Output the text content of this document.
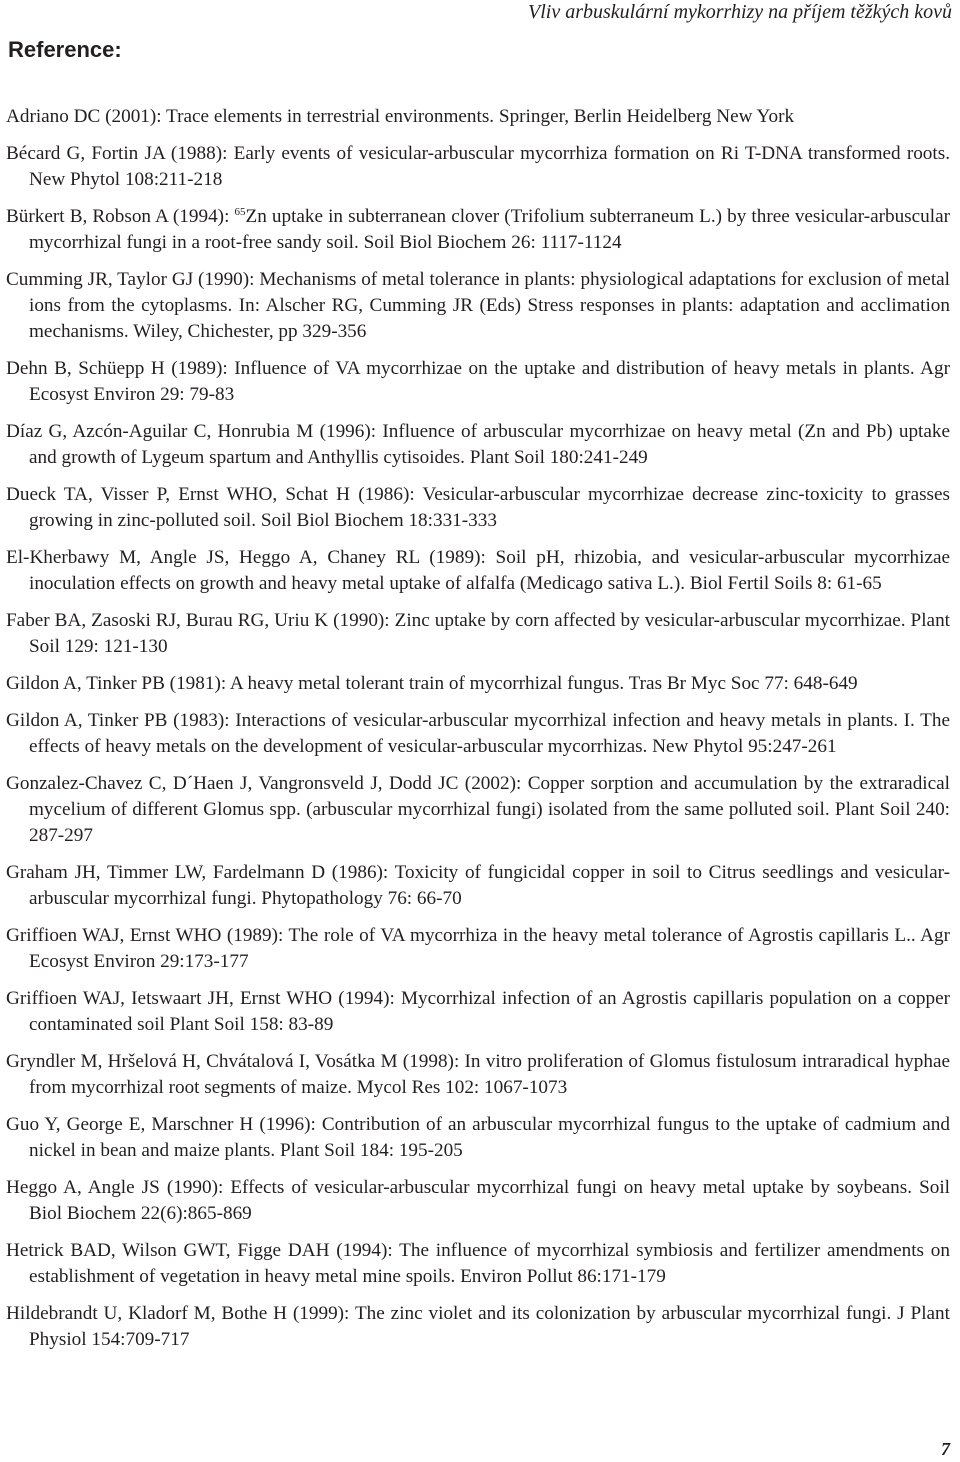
Vliv arbuskulární mykorrhizy na příjem těžkých kovů
Reference:

Adriano DC (2001): Trace elements in terrestrial environments. Springer, Berlin Heidelberg New York

Bécard G, Fortin JA (1988): Early events of vesicular-arbuscular mycorrhiza formation on Ri T-DNA transformed roots. New Phytol 108:211-218

Bürkert B, Robson A (1994): $^{65}$Zn uptake in subterranean clover (Trifolium subterraneum L.) by three vesicular-arbuscular mycorrhizal fungi in a root-free sandy soil. Soil Biol Biochem 26: 1117-1124

Cumming JR, Taylor GJ (1990): Mechanisms of metal tolerance in plants: physiological adaptations for exclusion of metal ions from the cytoplasms. In: Alscher RG, Cumming JR (Eds) Stress responses in plants: adaptation and acclimation mechanisms. Wiley, Chichester, pp 329-356

Dehn B, Schüepp H (1989): Influence of VA mycorrhizae on the uptake and distribution of heavy metals in plants. Agr Ecosyst Environ 29: 79-83

Díaz G, Azcón-Aguilar C, Honrubia M (1996): Influence of arbuscular mycorrhizae on heavy metal (Zn and Pb) uptake and growth of Lygeum spartum and Anthyllis cytisoides. Plant Soil 180:241-249

Dueck TA, Visser P, Ernst WHO, Schat H (1986): Vesicular-arbuscular mycorrhizae decrease zinc-toxicity to grasses growing in zinc-polluted soil. Soil Biol Biochem 18:331-333

El-Kherbawy M, Angle JS, Heggo A, Chaney RL (1989): Soil pH, rhizobia, and vesicular-arbuscular mycorrhizae inoculation effects on growth and heavy metal uptake of alfalfa (Medicago sativa L.). Biol Fertil Soils 8: 61-65

Faber BA, Zasoski RJ, Burau RG, Uriu K (1990): Zinc uptake by corn affected by vesicular-arbuscular mycorrhizae. Plant Soil 129: 121-130

Gildon A, Tinker PB (1981): A heavy metal tolerant train of mycorrhizal fungus. Tras Br Myc Soc 77: 648-649

Gildon A, Tinker PB (1983): Interactions of vesicular-arbuscular mycorrhizal infection and heavy metals in plants. I. The effects of heavy metals on the development of vesicular-arbuscular mycorrhizas. New Phytol 95:247-261

Gonzalez-Chavez C, D´Haen J, Vangronsveld J, Dodd JC (2002): Copper sorption and accumulation by the extraradical mycelium of different Glomus spp. (arbuscular mycorrhizal fungi) isolated from the same polluted soil. Plant Soil 240: 287-297

Graham JH, Timmer LW, Fardelmann D (1986): Toxicity of fungicidal copper in soil to Citrus seedlings and vesicular-arbuscular mycorrhizal fungi. Phytopathology 76: 66-70

Griffioen WAJ, Ernst WHO (1989): The role of VA mycorrhiza in the heavy metal tolerance of Agrostis capillaris L.. Agr Ecosyst Environ 29:173-177

Griffioen WAJ, Ietswaart JH, Ernst WHO (1994): Mycorrhizal infection of an Agrostis capillaris population on a copper contaminated soil Plant Soil 158: 83-89

Gryndler M, Hršelová H, Chvátalová I, Vosátka M (1998): In vitro proliferation of Glomus fistulosum intraradical hyphae from mycorrhizal root segments of maize. Mycol Res 102: 1067-1073

Guo Y, George E, Marschner H (1996): Contribution of an arbuscular mycorrhizal fungus to the uptake of cadmium and nickel in bean and maize plants. Plant Soil 184: 195-205

Heggo A, Angle JS (1990): Effects of vesicular-arbuscular mycorrhizal fungi on heavy metal uptake by soybeans. Soil Biol Biochem 22(6):865-869

Hetrick BAD, Wilson GWT, Figge DAH (1994): The influence of mycorrhizal symbiosis and fertilizer amendments on establishment of vegetation in heavy metal mine spoils. Environ Pollut 86:171-179

Hildebrandt U, Kladorf M, Bothe H (1999): The zinc violet and its colonization by arbuscular mycorrhizal fungi. J Plant Physiol 154:709-717

7
